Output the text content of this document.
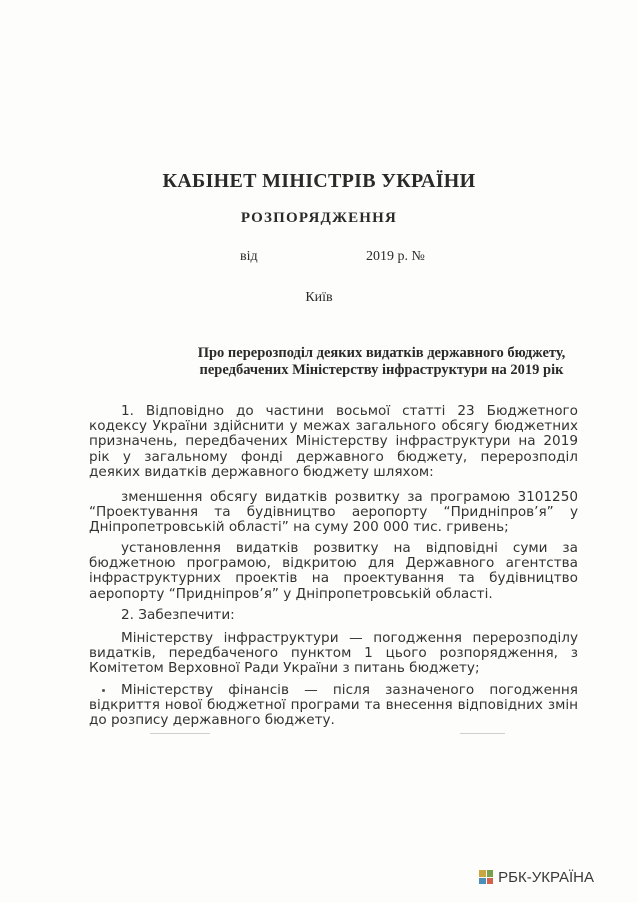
КАБІНЕТ МІНІСТРІВ УКРАЇНИ
РОЗПОРЯДЖЕННЯ
від	2019 р. №
Київ
Про перерозподіл деяких видатків державного бюджету,
передбачених Міністерству інфраструктури на 2019 рік

1. Відповідно до частини восьмої статті 23 Бюджетного кодексу України здійснити у межах загального обсягу бюджетних призначень, передбачених Міністерству інфраструктури на 2019 рік у загальному фонді державного бюджету, перерозподіл деяких видатків державного бюджету шляхом:

зменшення обсягу видатків розвитку за програмою 3101250 “Проектування та будівництво аеропорту “Придніпров’я” у Дніпропетровській області” на суму 200 000 тис. гривень;

установлення видатків розвитку на відповідні суми за бюджетною програмою, відкритою для Державного агентства інфраструктурних проектів на проектування та будівництво аеропорту “Придніпров’я” у Дніпропетровській області.

2. Забезпечити:

Міністерству інфраструктури — погодження перерозподілу видатків, передбаченого пунктом 1 цього розпорядження, з Комітетом Верховної Ради України з питань бюджету;

Міністерству фінансів — після зазначеного погодження відкриття нової бюджетної програми та внесення відповідних змін до розпису державного бюджету.

РБК-УКРАЇНА
